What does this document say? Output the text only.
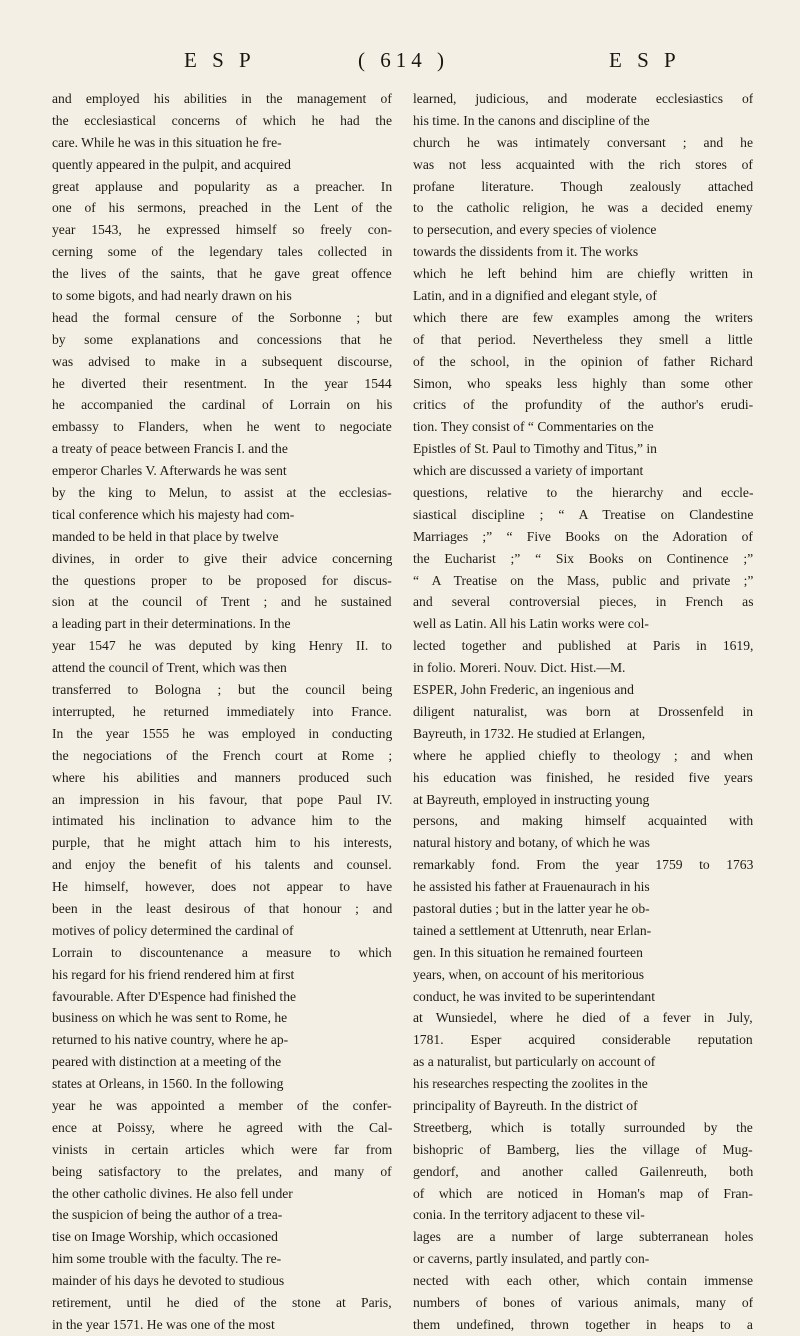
E S P	( 614 )	E S P
and employed his abilities in the management of
the ecclesiastical concerns of which he had the
care. While he was in this situation he fre-
quently appeared in the pulpit, and acquired
great applause and popularity as a preacher. In
one of his sermons, preached in the Lent of the
year 1543, he expressed himself so freely con-
cerning some of the legendary tales collected in
the lives of the saints, that he gave great offence
to some bigots, and had nearly drawn on his
head the formal censure of the Sorbonne ; but
by some explanations and concessions that he
was advised to make in a subsequent discourse,
he diverted their resentment. In the year 1544
he accompanied the cardinal of Lorrain on his
embassy to Flanders, when he went to negociate
a treaty of peace between Francis I. and the
emperor Charles V. Afterwards he was sent
by the king to Melun, to assist at the ecclesias-
tical conference which his majesty had com-
manded to be held in that place by twelve
divines, in order to give their advice concerning
the questions proper to be proposed for discus-
sion at the council of Trent ; and he sustained
a leading part in their determinations. In the
year 1547 he was deputed by king Henry II. to
attend the council of Trent, which was then
transferred to Bologna ; but the council being
interrupted, he returned immediately into France.
In the year 1555 he was employed in conducting
the negociations of the French court at Rome ;
where his abilities and manners produced such
an impression in his favour, that pope Paul IV.
intimated his inclination to advance him to the
purple, that he might attach him to his interests,
and enjoy the benefit of his talents and counsel.
He himself, however, does not appear to have
been in the least desirous of that honour ; and
motives of policy determined the cardinal of
Lorrain to discountenance a measure to which
his regard for his friend rendered him at first
favourable. After D'Espence had finished the
business on which he was sent to Rome, he
returned to his native country, where he ap-
peared with distinction at a meeting of the
states at Orleans, in 1560. In the following
year he was appointed a member of the confer-
ence at Poissy, where he agreed with the Cal-
vinists in certain articles which were far from
being satisfactory to the prelates, and many of
the other catholic divines. He also fell under
the suspicion of being the author of a trea-
tise on Image Worship, which occasioned
him some trouble with the faculty. The re-
mainder of his days he devoted to studious
retirement, until he died of the stone at Paris,
in the year 1571. He was one of the most
learned, judicious, and moderate ecclesiastics of
his time. In the canons and discipline of the
church he was intimately conversant ; and he
was not less acquainted with the rich stores of
profane literature. Though zealously attached
to the catholic religion, he was a decided enemy
to persecution, and every species of violence
towards the dissidents from it. The works
which he left behind him are chiefly written in
Latin, and in a dignified and elegant style, of
which there are few examples among the writers
of that period. Nevertheless they smell a little
of the school, in the opinion of father Richard
Simon, who speaks less highly than some other
critics of the profundity of the author's erudi-
tion. They consist of “ Commentaries on the
Epistles of St. Paul to Timothy and Titus,” in
which are discussed a variety of important
questions, relative to the hierarchy and eccle-
siastical discipline ; “ A Treatise on Clandestine
Marriages ;” “ Five Books on the Adoration of
the Eucharist ;” “ Six Books on Continence ;”
“ A Treatise on the Mass, public and private ;”
and several controversial pieces, in French as
well as Latin. All his Latin works were col-
lected together and published at Paris in 1619,
in folio. Moreri. Nouv. Dict. Hist.—M.
ESPER, John Frederic, an ingenious and
diligent naturalist, was born at Drossenfeld in
Bayreuth, in 1732. He studied at Erlangen,
where he applied chiefly to theology ; and when
his education was finished, he resided five years
at Bayreuth, employed in instructing young
persons, and making himself acquainted with
natural history and botany, of which he was
remarkably fond. From the year 1759 to 1763
he assisted his father at Frauenaurach in his
pastoral duties ; but in the latter year he ob-
tained a settlement at Uttenruth, near Erlan-
gen. In this situation he remained fourteen
years, when, on account of his meritorious
conduct, he was invited to be superintendant
at Wunsiedel, where he died of a fever in July,
1781. Esper acquired considerable reputation
as a naturalist, but particularly on account of
his researches respecting the zoolites in the
principality of Bayreuth. In the district of
Streetberg, which is totally surrounded by the
bishopric of Bamberg, lies the village of Mug-
gendorf, and another called Gailenreuth, both
of which are noticed in Homan's map of Fran-
conia. In the territory adjacent to these vil-
lages are a number of large subterranean holes
or caverns, partly insulated, and partly con-
nected with each other, which contain immense
numbers of bones of various animals, many of
them undefined, thrown together in heaps to a
